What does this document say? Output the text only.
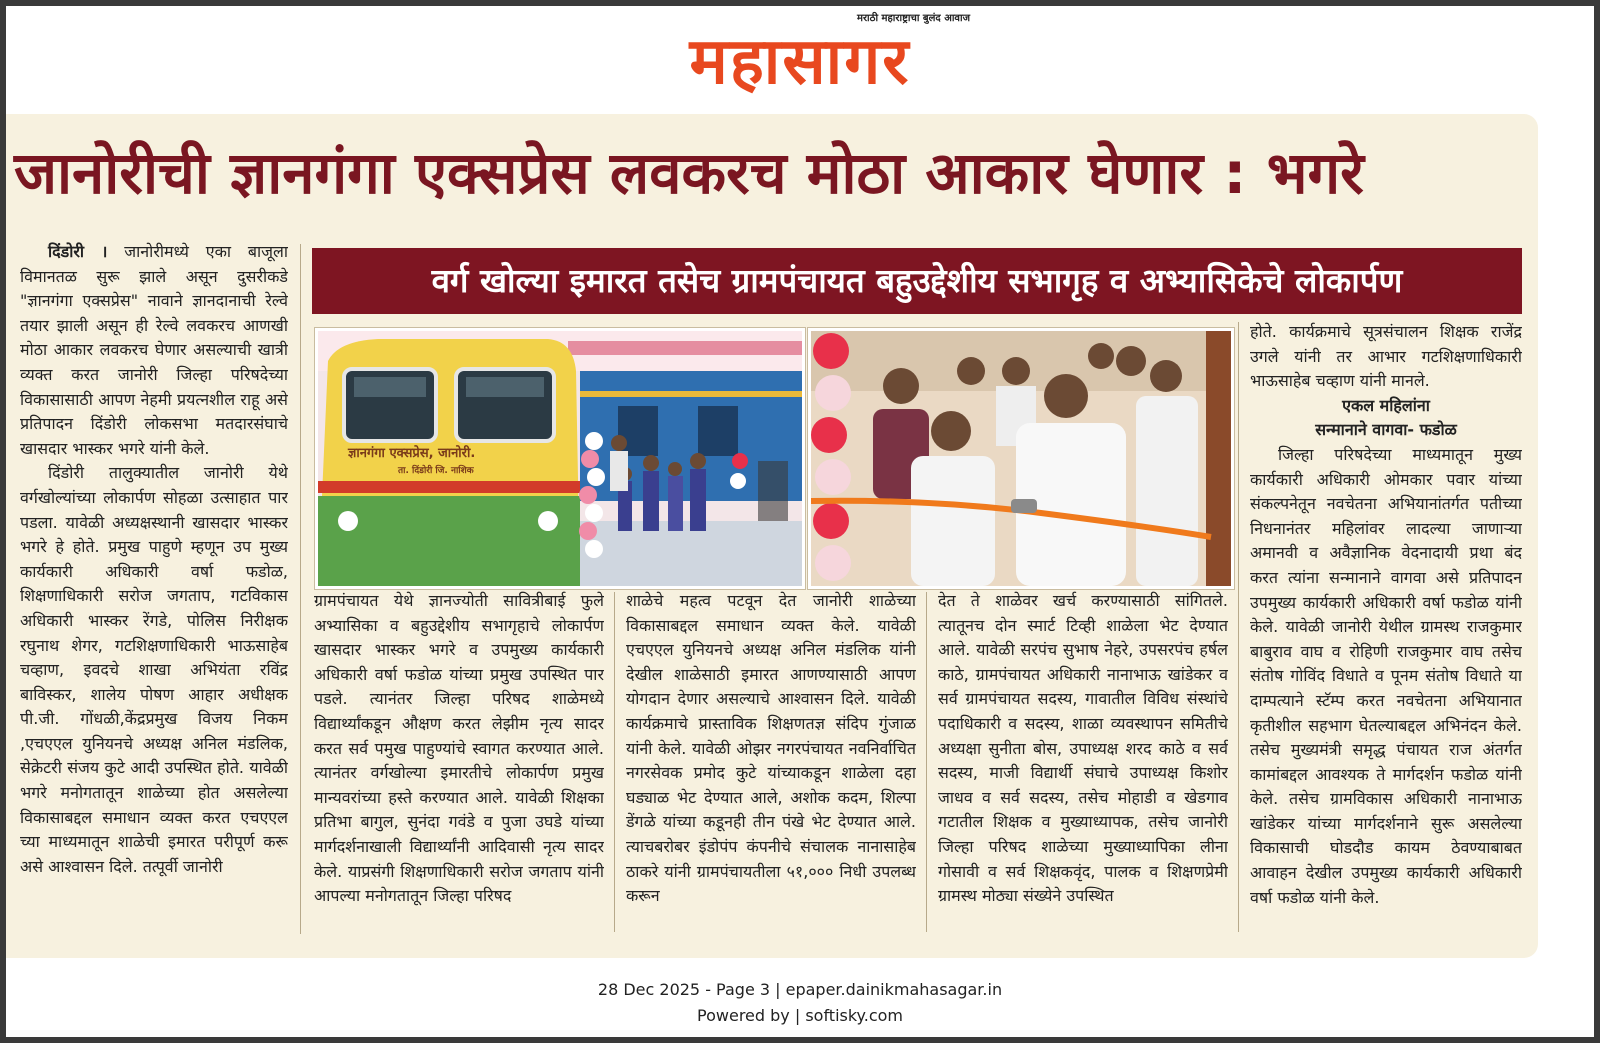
मराठी महाराष्ट्राचा बुलंद आवाज
महासागर
जानोरीची ज्ञानगंगा एक्सप्रेस लवकरच मोठा आकार घेणार : भगरे
वर्ग खोल्या इमारत तसेच ग्रामपंचायत बहुउद्देशीय सभागृह व अभ्यासिकेचे लोकार्पण

दिंडोरी । जानोरीमध्ये एका बाजूला विमानतळ सुरू झाले असून दुसरीकडे "ज्ञानगंगा एक्सप्रेस" नावाने ज्ञानदानाची रेल्वे तयार झाली असून ही रेल्वे लवकरच आणखी मोठा आकार लवकरच घेणार असल्याची खात्री व्यक्त करत जानोरी जिल्हा परिषदेच्या विकासासाठी आपण नेहमी प्रयत्नशील राहू असे प्रतिपादन दिंडोरी लोकसभा मतदारसंघाचे खासदार भास्कर भगरे यांनी केले.

दिंडोरी तालुक्यातील जानोरी येथे वर्गखोल्यांच्या लोकार्पण सोहळा उत्साहात पार पडला. यावेळी अध्यक्षस्थानी खासदार भास्कर भगरे हे होते. प्रमुख पाहुणे म्हणून उप मुख्य कार्यकारी अधिकारी वर्षा फडोळ, शिक्षणाधिकारी सरोज जगताप, गटविकास अधिकारी भास्कर रेंगडे, पोलिस निरीक्षक रघुनाथ शेगर, गटशिक्षणाधिकारी भाऊसाहेब चव्हाण, इवदचे शाखा अभियंता रविंद्र बाविस्कर, शालेय पोषण आहार अधीक्षक पी.जी. गोंधळी,केंद्रप्रमुख विजय निकम ,एचएएल युनियनचे अध्यक्ष अनिल मंडलिक, सेक्रेटरी संजय कुटे आदी उपस्थित होते. यावेळी भगरे मनोगतातून शाळेच्या होत असलेल्या विकासाबद्दल समाधान व्यक्त करत एचएएल च्या माध्यमातून शाळेची इमारत परीपूर्ण करू असे आश्वासन दिले. तत्पूर्वी जानोरी

ज्ञानगंगा एक्सप्रेस, जानोरी.
ता. दिंडोरी जि. नाशिक

ग्रामपंचायत येथे ज्ञानज्योती सावित्रीबाई फुले अभ्यासिका व बहुउद्देशीय सभागृहाचे लोकार्पण खासदार भास्कर भगरे व उपमुख्य कार्यकारी अधिकारी वर्षा फडोळ यांच्या प्रमुख उपस्थित पार पडले. त्यानंतर जिल्हा परिषद शाळेमध्ये विद्यार्थ्यांकडून औक्षण करत लेझीम नृत्य सादर करत सर्व पमुख पाहुण्यांचे स्वागत करण्यात आले. त्यानंतर वर्गखोल्या इमारतीचे लोकार्पण प्रमुख मान्यवरांच्या हस्ते करण्यात आले. यावेळी शिक्षका प्रतिभा बागुल, सुनंदा गवंडे व पुजा उघडे यांच्या मार्गदर्शनाखाली विद्यार्थ्यांनी आदिवासी नृत्य सादर केले. याप्रसंगी शिक्षणाधिकारी सरोज जगताप यांनी आपल्या मनोगतातून जिल्हा परिषद

शाळेचे महत्व पटवून देत जानोरी शाळेच्या विकासाबद्दल समाधान व्यक्त केले. यावेळी एचएएल युनियनचे अध्यक्ष अनिल मंडलिक यांनी देखील शाळेसाठी इमारत आणण्यासाठी आपण योगदान देणार असल्याचे आश्वासन दिले. यावेळी कार्यक्रमाचे प्रास्ताविक शिक्षणतज्ञ संदिप गुंजाळ यांनी केले. यावेळी ओझर नगरपंचायत नवनिर्वाचित नगरसेवक प्रमोद कुटे यांच्याकडून शाळेला दहा घड्याळ भेट देण्यात आले, अशोक कदम, शिल्पा डेंगळे यांच्या कडूनही तीन पंखे भेट देण्यात आले. त्याचबरोबर इंडोपंप कंपनीचे संचालक नानासाहेब ठाकरे यांनी ग्रामपंचायतीला ५१,००० निधी उपलब्ध करून

देत ते शाळेवर खर्च करण्यासाठी सांगितले. त्यातूनच दोन स्मार्ट टिव्ही शाळेला भेट देण्यात आले. यावेळी सरपंच सुभाष नेहरे, उपसरपंच हर्षल काठे, ग्रामपंचायत अधिकारी नानाभाऊ खांडेकर व सर्व ग्रामपंचायत सदस्य, गावातील विविध संस्थांचे पदाधिकारी व सदस्य, शाळा व्यवस्थापन समितीचे अध्यक्षा सुनीता बोस, उपाध्यक्ष शरद काठे व सर्व सदस्य, माजी विद्यार्थी संघाचे उपाध्यक्ष किशोर जाधव व सर्व सदस्य, तसेच मोहाडी व खेडगाव गटातील शिक्षक व मुख्याध्यापक, तसेच जानोरी जिल्हा परिषद शाळेच्या मुख्याध्यापिका लीना गोसावी व सर्व शिक्षकवृंद, पालक व शिक्षणप्रेमी ग्रामस्थ मोठ्या संख्येने उपस्थित

होते. कार्यक्रमाचे सूत्रसंचालन शिक्षक राजेंद्र उगले यांनी तर आभार गटशिक्षणाधिकारी भाऊसाहेब चव्हाण यांनी मानले.

एकल महिलांना

सन्मानाने वागवा- फडोळ

जिल्हा परिषदेच्या माध्यमातून मुख्य कार्यकारी अधिकारी ओमकार पवार यांच्या संकल्पनेतून नवचेतना अभियानांतर्गत पतीच्या निधनानंतर महिलांवर लादल्या जाणाऱ्या अमानवी व अवैज्ञानिक वेदनादायी प्रथा बंद करत त्यांना सन्मानाने वागवा असे प्रतिपादन उपमुख्य कार्यकारी अधिकारी वर्षा फडोळ यांनी केले. यावेळी जानोरी येथील ग्रामस्थ राजकुमार बाबुराव वाघ व रोहिणी राजकुमार वाघ तसेच संतोष गोविंद विधाते व पूनम संतोष विधाते या दाम्पत्याने स्टॅम्प करत नवचेतना अभियानात कृतीशील सहभाग घेतल्याबद्दल अभिनंदन केले. तसेच मुख्यमंत्री समृद्ध पंचायत राज अंतर्गत कामांबद्दल आवश्यक ते मार्गदर्शन फडोळ यांनी केले. तसेच ग्रामविकास अधिकारी नानाभाऊ खांडेकर यांच्या मार्गदर्शनाने सुरू असलेल्या विकासाची घोडदौड कायम ठेवण्याबाबत आवाहन देखील उपमुख्य कार्यकारी अधिकारी वर्षा फडोळ यांनी केले.

28 Dec 2025 - Page 3 | epaper.dainikmahasagar.in
Powered by | softisky.com
